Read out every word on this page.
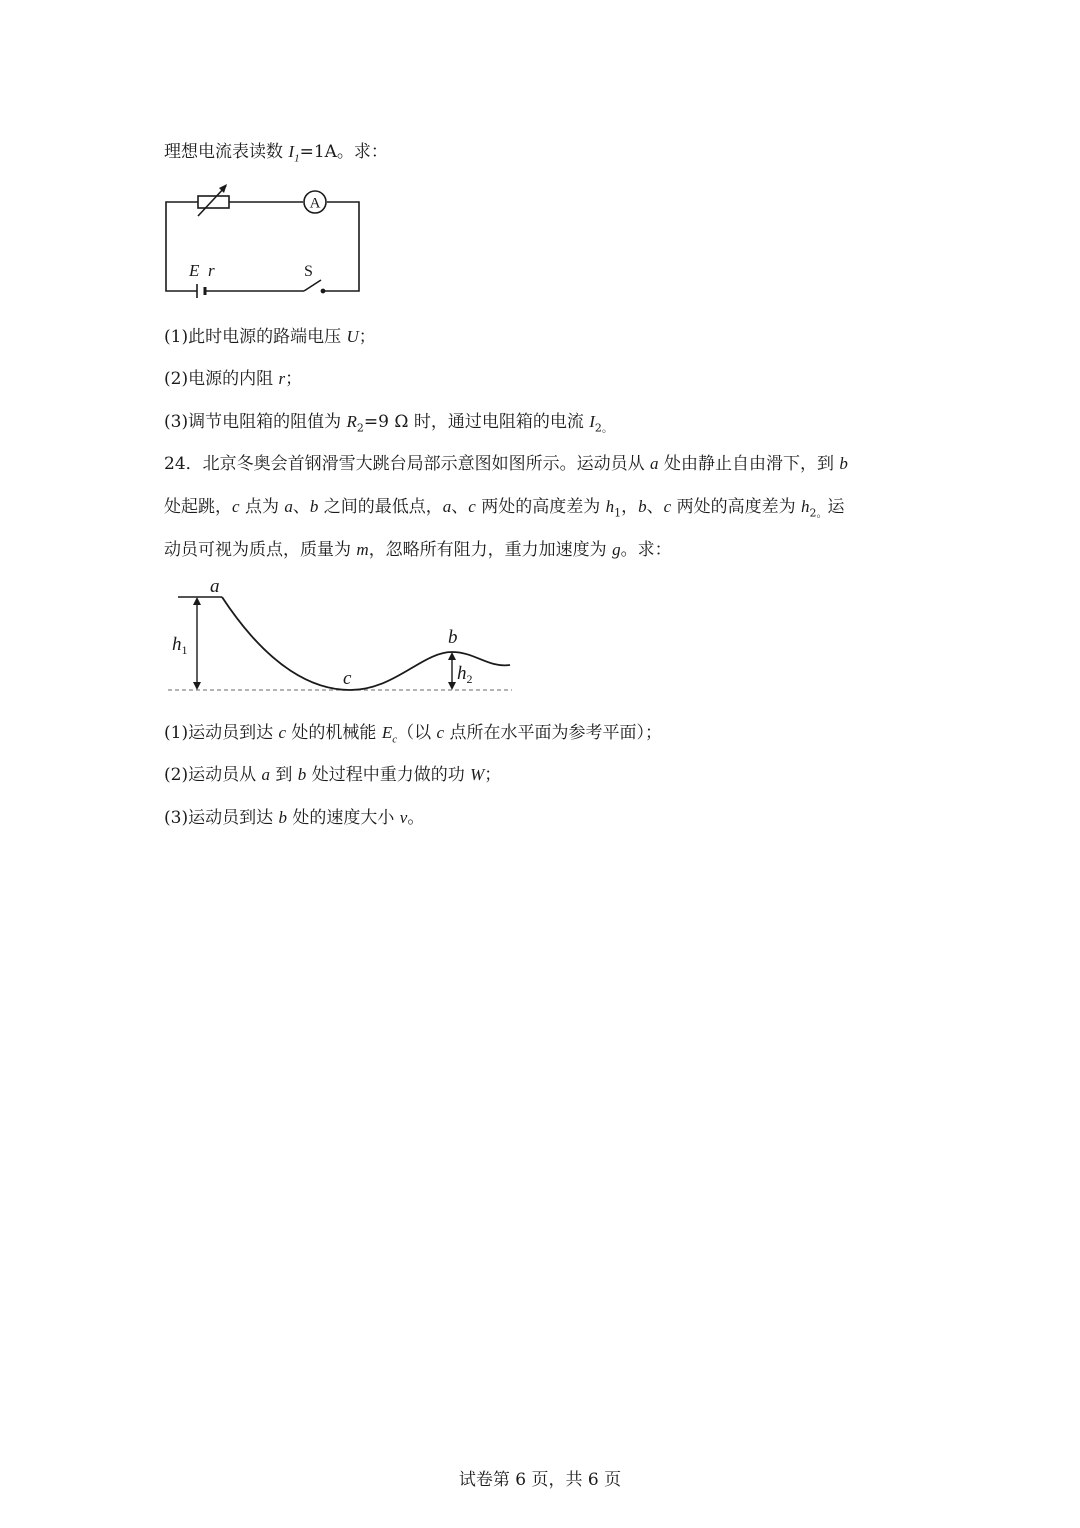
理想电流表读数 $I_1=1A$。求：
A
E r	S
(1)此时电源的路端电压 U；
(2)电源的内阻 r；
(3)调节电阻箱的阻值为 $R_2=9$ Ω 时，通过电阻箱的电流 $I_{2。}$
24．北京冬奥会首钢滑雪大跳台局部示意图如图所示。运动员从 a 处由静止自由滑下，到 b
处起跳，c 点为 a、b 之间的最低点，a、c 两处的高度差为 $h_1$，b、c 两处的高度差为 $h_{2。}$运
动员可视为质点，质量为 m，忽略所有阻力，重力加速度为 g。求：
a
b
c
$h_1$
$h_2$
(1)运动员到达 c 处的机械能 $E_c$（以 c 点所在水平面为参考平面）；
(2)运动员从 a 到 b 处过程中重力做的功 W；
(3)运动员到达 b 处的速度大小 v。
试卷第 6 页，共 6 页
